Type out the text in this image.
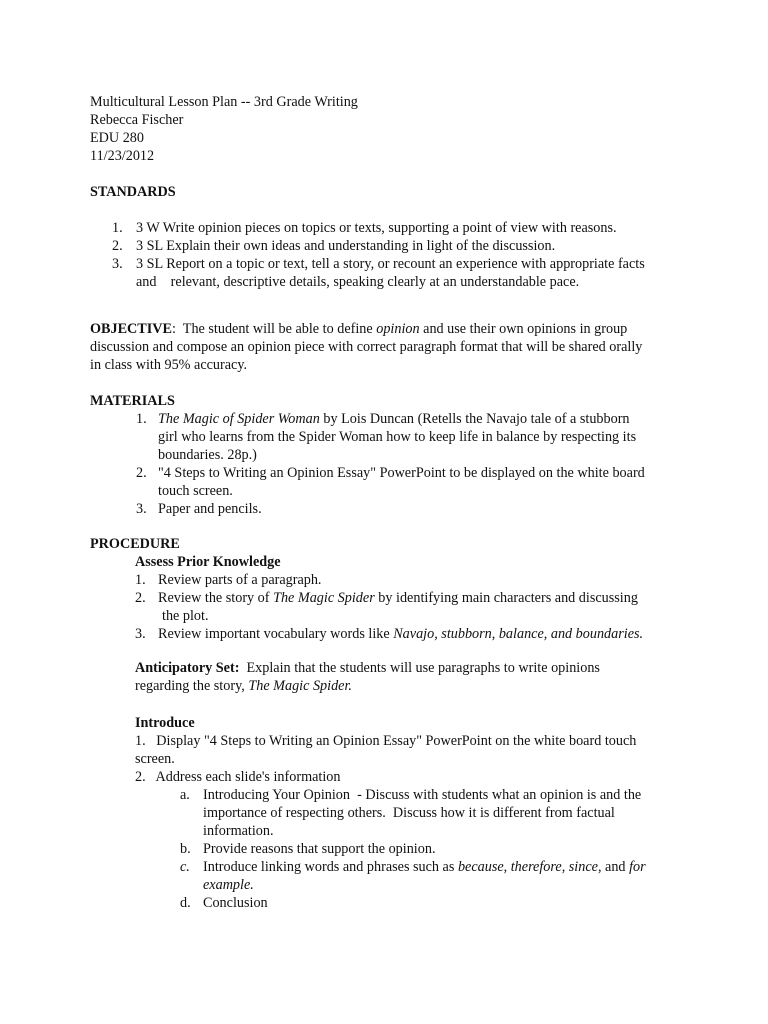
Multicultural Lesson Plan -- 3rd Grade Writing
Rebecca Fischer
EDU 280
11/23/2012
STANDARDS
1. 3 W Write opinion pieces on topics or texts, supporting a point of view with reasons.
2. 3 SL Explain their own ideas and understanding in light of the discussion.
3. 3 SL Report on a topic or text, tell a story, or recount an experience with appropriate facts
and    relevant, descriptive details, speaking clearly at an understandable pace.
OBJECTIVE:  The student will be able to define opinion and use their own opinions in group
discussion and compose an opinion piece with correct paragraph format that will be shared orally
in class with 95% accuracy.
MATERIALS
1. The Magic of Spider Woman by Lois Duncan (Retells the Navajo tale of a stubborn
girl who learns from the Spider Woman how to keep life in balance by respecting its
boundaries. 28p.)
2. "4 Steps to Writing an Opinion Essay" PowerPoint to be displayed on the white board
touch screen.
3. Paper and pencils.
PROCEDURE
Assess Prior Knowledge
1. Review parts of a paragraph.
2. Review the story of The Magic Spider by identifying main characters and discussing
the plot.
3. Review important vocabulary words like Navajo, stubborn, balance, and boundaries.
Anticipatory Set:  Explain that the students will use paragraphs to write opinions
regarding the story, The Magic Spider.
Introduce
1.   Display "4 Steps to Writing an Opinion Essay" PowerPoint on the white board touch
screen.
2.   Address each slide's information
a. Introducing Your Opinion  - Discuss with students what an opinion is and the
importance of respecting others.  Discuss how it is different from factual
information.
b. Provide reasons that support the opinion.
c. Introduce linking words and phrases such as because, therefore, since, and for
example.
d. Conclusion
